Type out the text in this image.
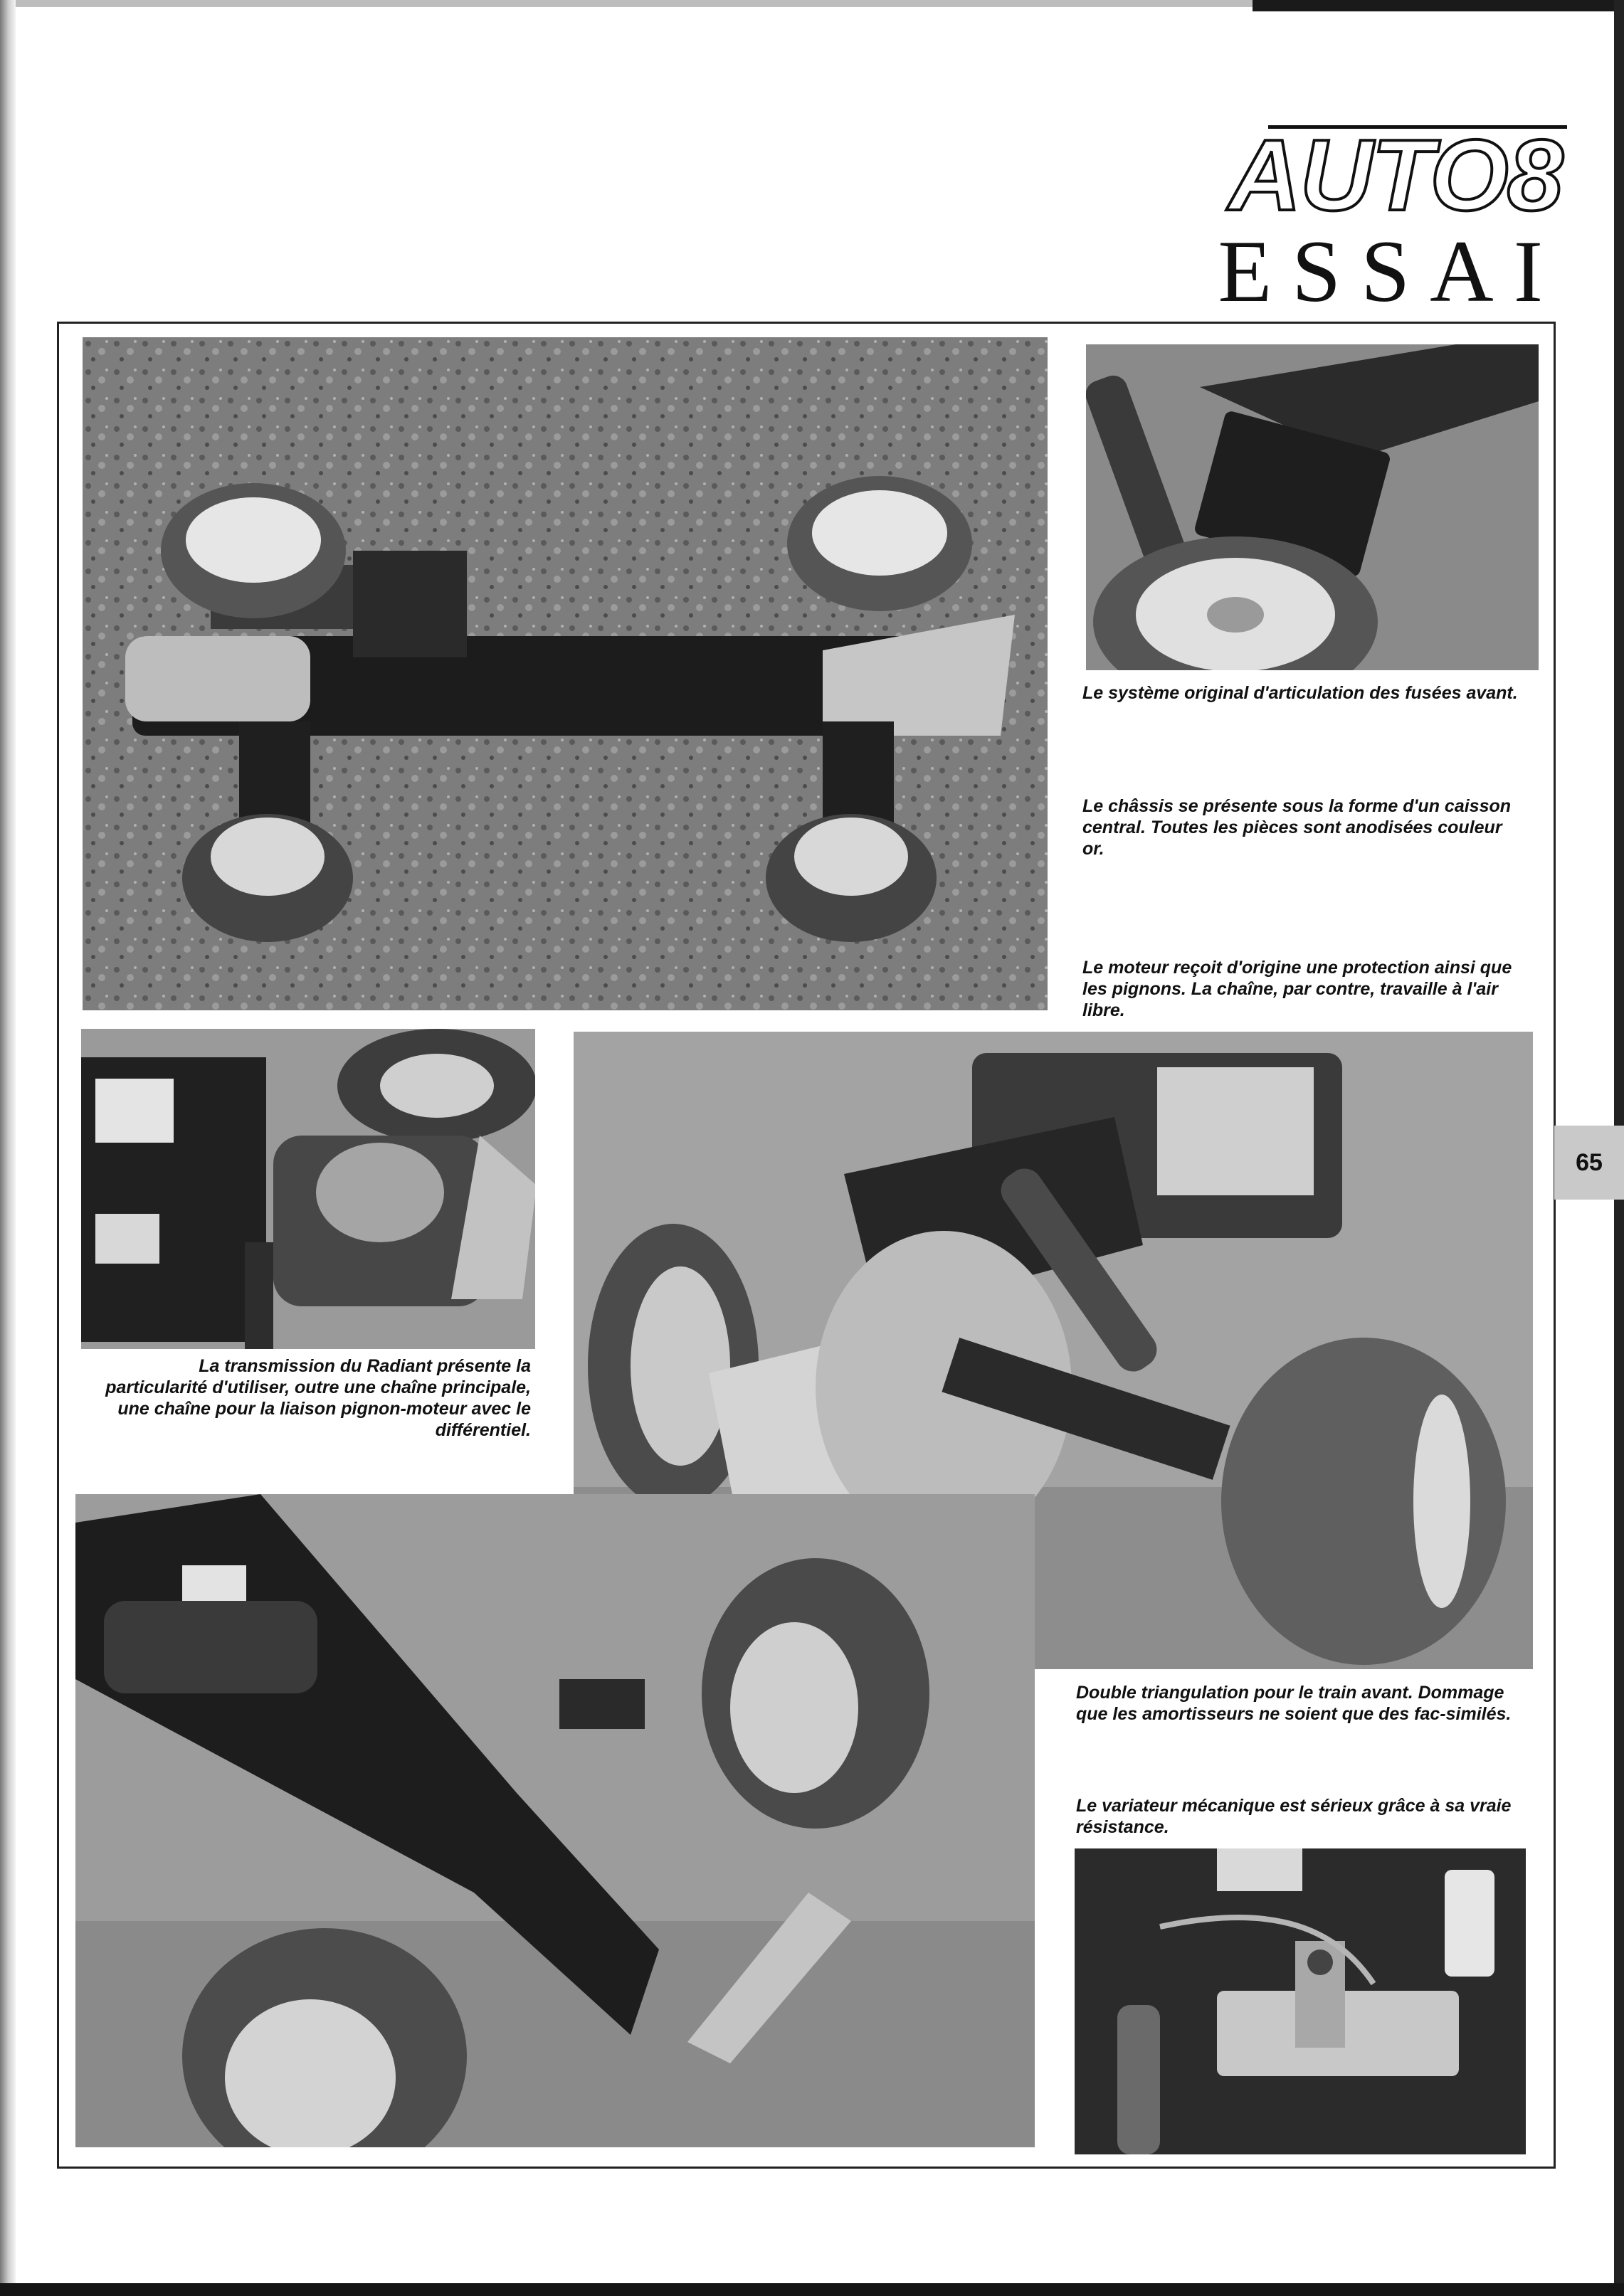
AUTO8
ESSAI

Le système original d'articulation des fusées avant.

Le châssis se présente sous la forme d'un caisson central. Toutes les pièces sont anodisées couleur or.

Le moteur reçoit d'origine une protection ainsi que les pignons. La chaîne, par contre, travaille à l'air libre.

La transmission du Radiant présente la particularité d'utiliser, outre une chaîne principale, une chaîne pour la liaison pignon-moteur avec le différentiel.

Double triangulation pour le train avant. Dommage que les amortisseurs ne soient que des fac-similés.

Le variateur mécanique est sérieux grâce à sa vraie résistance.

65
